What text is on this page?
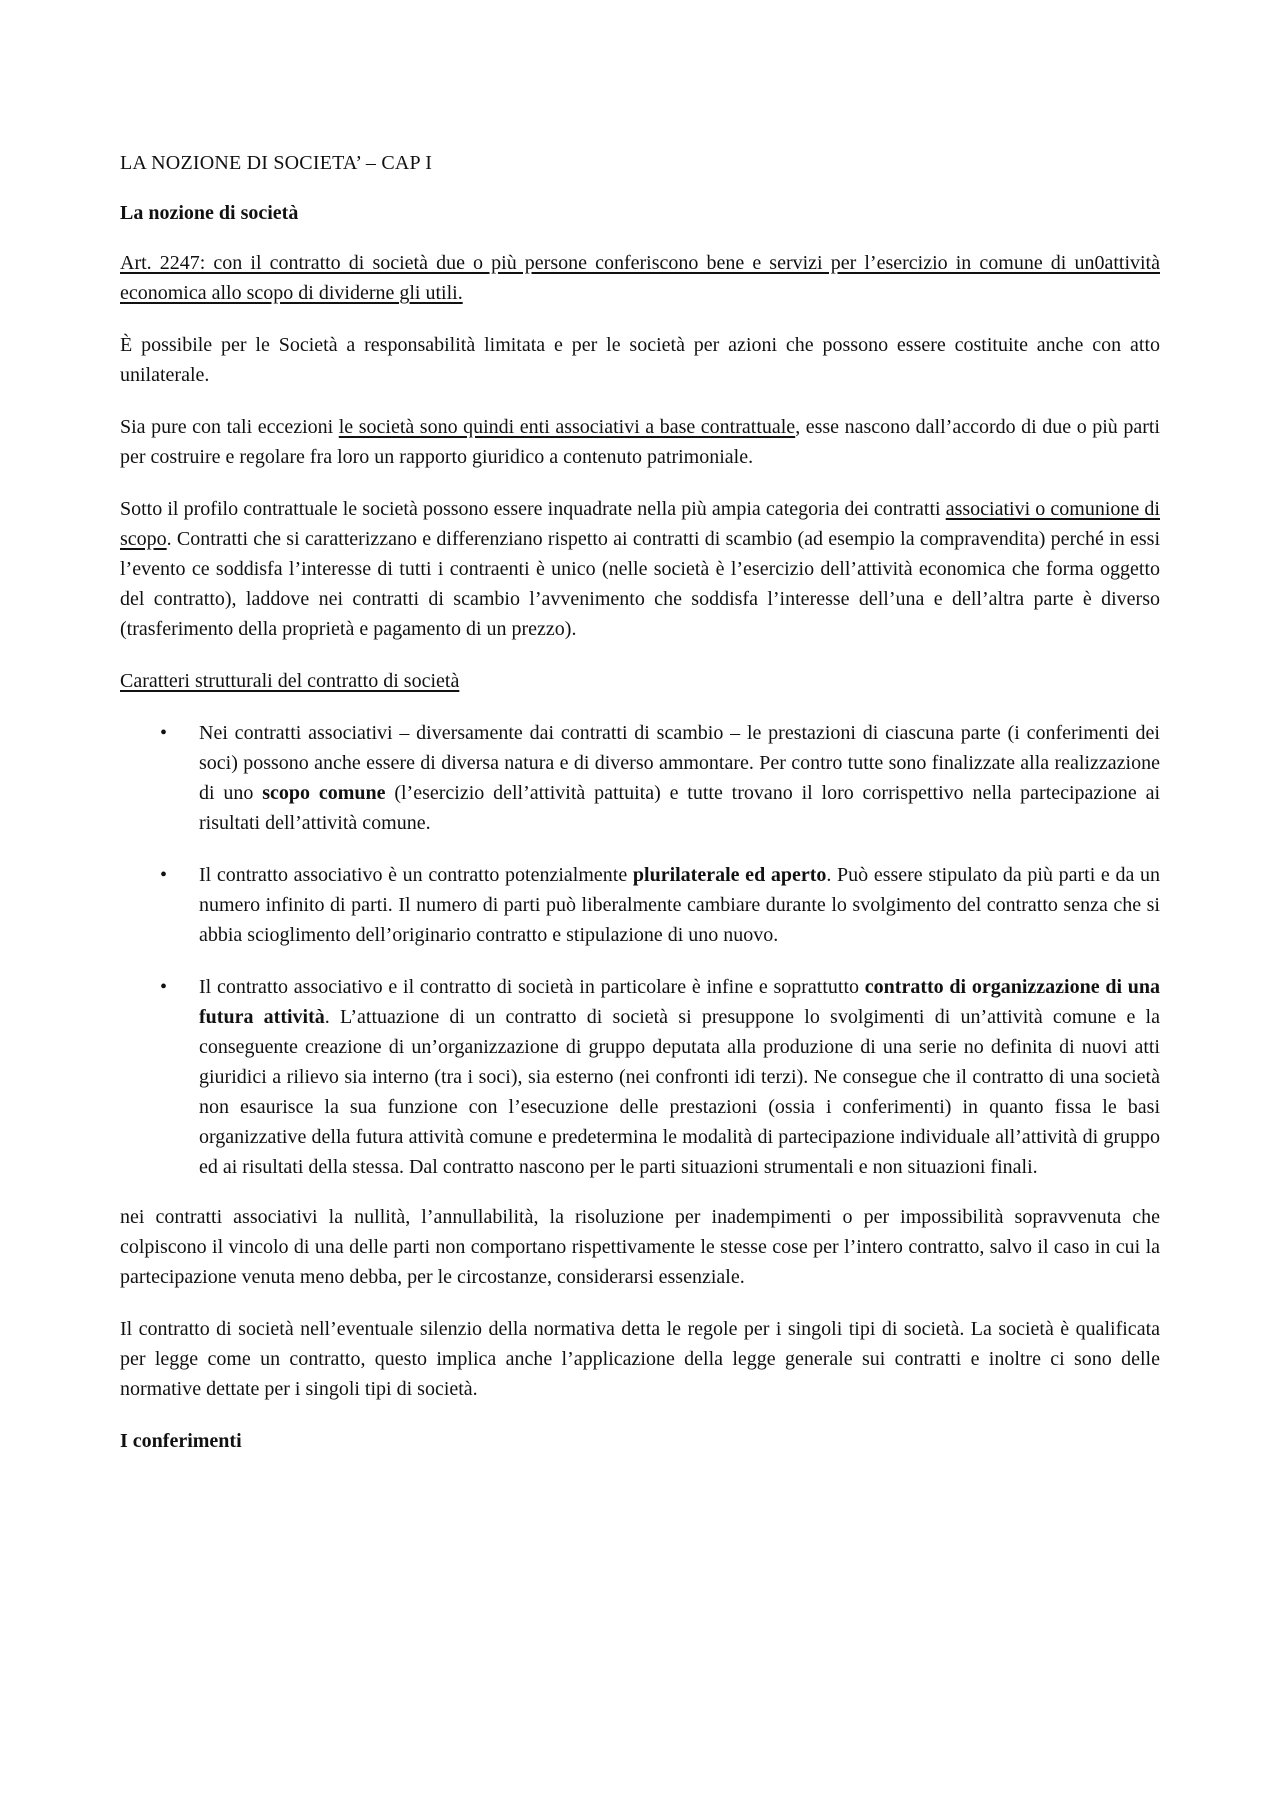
LA NOZIONE DI SOCIETA’ – CAP I

La nozione di società

Art. 2247: con il contratto di società due o più persone conferiscono bene e servizi per l’esercizio in comune di un0attività economica allo scopo di dividerne gli utili.

È possibile per le Società a responsabilità limitata e per le società per azioni che possono essere costituite anche con atto unilaterale.

Sia pure con tali eccezioni le società sono quindi enti associativi a base contrattuale, esse nascono dall’accordo di due o più parti per costruire e regolare fra loro un rapporto giuridico a contenuto patrimoniale.

Sotto il profilo contrattuale le società possono essere inquadrate nella più ampia categoria dei contratti associativi o comunione di scopo. Contratti che si caratterizzano e differenziano rispetto ai contratti di scambio (ad esempio la compravendita) perché in essi l’evento ce soddisfa l’interesse di tutti i contraenti è unico (nelle società è l’esercizio dell’attività economica che forma oggetto del contratto), laddove nei contratti di scambio l’avvenimento che soddisfa l’interesse dell’una e dell’altra parte è diverso (trasferimento della proprietà e pagamento di un prezzo).

Caratteri strutturali del contratto di società

• Nei contratti associativi – diversamente dai contratti di scambio – le prestazioni di ciascuna parte (i conferimenti dei soci) possono anche essere di diversa natura e di diverso ammontare. Per contro tutte sono finalizzate alla realizzazione di uno scopo comune (l’esercizio dell’attività pattuita) e tutte trovano il loro corrispettivo nella partecipazione ai risultati dell’attività comune.

• Il contratto associativo è un contratto potenzialmente plurilaterale ed aperto. Può essere stipulato da più parti e da un numero infinito di parti. Il numero di parti può liberalmente cambiare durante lo svolgimento del contratto senza che si abbia scioglimento dell’originario contratto e stipulazione di uno nuovo.

• Il contratto associativo e il contratto di società in particolare è infine e soprattutto contratto di organizzazione di una futura attività. L’attuazione di un contratto di società si presuppone lo svolgimenti di un’attività comune e la conseguente creazione di un’organizzazione di gruppo deputata alla produzione di una serie no definita di nuovi atti giuridici a rilievo sia interno (tra i soci), sia esterno (nei confronti idi terzi). Ne consegue che il contratto di una società non esaurisce la sua funzione con l’esecuzione delle prestazioni (ossia i conferimenti) in quanto fissa le basi organizzative della futura attività comune e predetermina le modalità di partecipazione individuale all’attività di gruppo ed ai risultati della stessa. Dal contratto nascono per le parti situazioni strumentali e non situazioni finali.

nei contratti associativi la nullità, l’annullabilità, la risoluzione per inadempimenti o per impossibilità sopravvenuta che colpiscono il vincolo di una delle parti non comportano rispettivamente le stesse cose per l’intero contratto, salvo il caso in cui la partecipazione venuta meno debba, per le circostanze, considerarsi essenziale.

Il contratto di società nell’eventuale silenzio della normativa detta le regole per i singoli tipi di società. La società è qualificata per legge come un contratto, questo implica anche l’applicazione della legge generale sui contratti e inoltre ci sono delle normative dettate per i singoli tipi di società.

I conferimenti
